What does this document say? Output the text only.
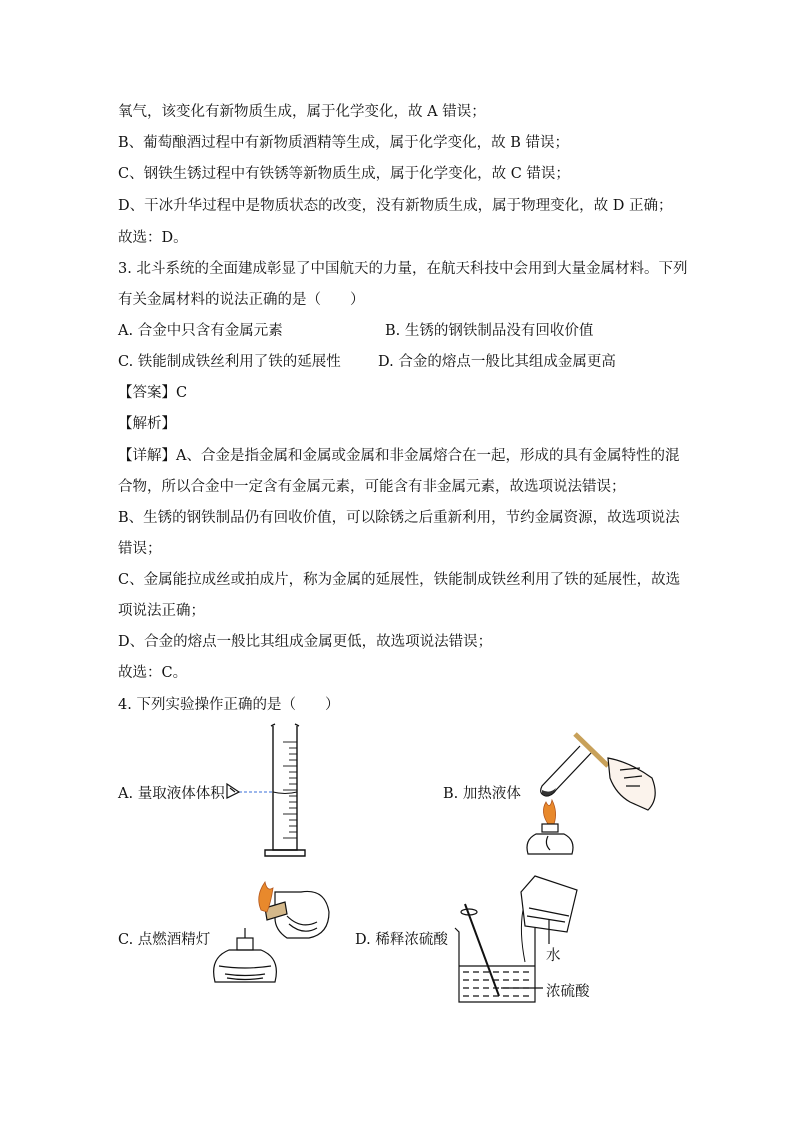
氧气，该变化有新物质生成，属于化学变化，故 A 错误；
B、葡萄酿酒过程中有新物质酒精等生成，属于化学变化，故 B 错误；
C、钢铁生锈过程中有铁锈等新物质生成，属于化学变化，故 C 错误；
D、干冰升华过程中是物质状态的改变，没有新物质生成，属于物理变化，故 D 正确；
故选：D。
3. 北斗系统的全面建成彰显了中国航天的力量，在航天科技中会用到大量金属材料。下列
有关金属材料的说法正确的是（　　）
A. 合金中只含有金属元素	B. 生锈的钢铁制品没有回收价值
C. 铁能制成铁丝利用了铁的延展性	D. 合金的熔点一般比其组成金属更高
【答案】C
【解析】
【详解】A、合金是指金属和金属或金属和非金属熔合在一起，形成的具有金属特性的混
合物，所以合金中一定含有金属元素，可能含有非金属元素，故选项说法错误；
B、生锈的钢铁制品仍有回收价值，可以除锈之后重新利用，节约金属资源，故选项说法
错误；
C、金属能拉成丝或拍成片，称为金属的延展性，铁能制成铁丝利用了铁的延展性，故选
项说法正确；
D、合金的熔点一般比其组成金属更低，故选项说法错误；
故选：C。
4. 下列实验操作正确的是（　　）
A. 量取液体体积	B. 加热液体
C. 点燃酒精灯	D. 稀释浓硫酸
水
浓硫酸
